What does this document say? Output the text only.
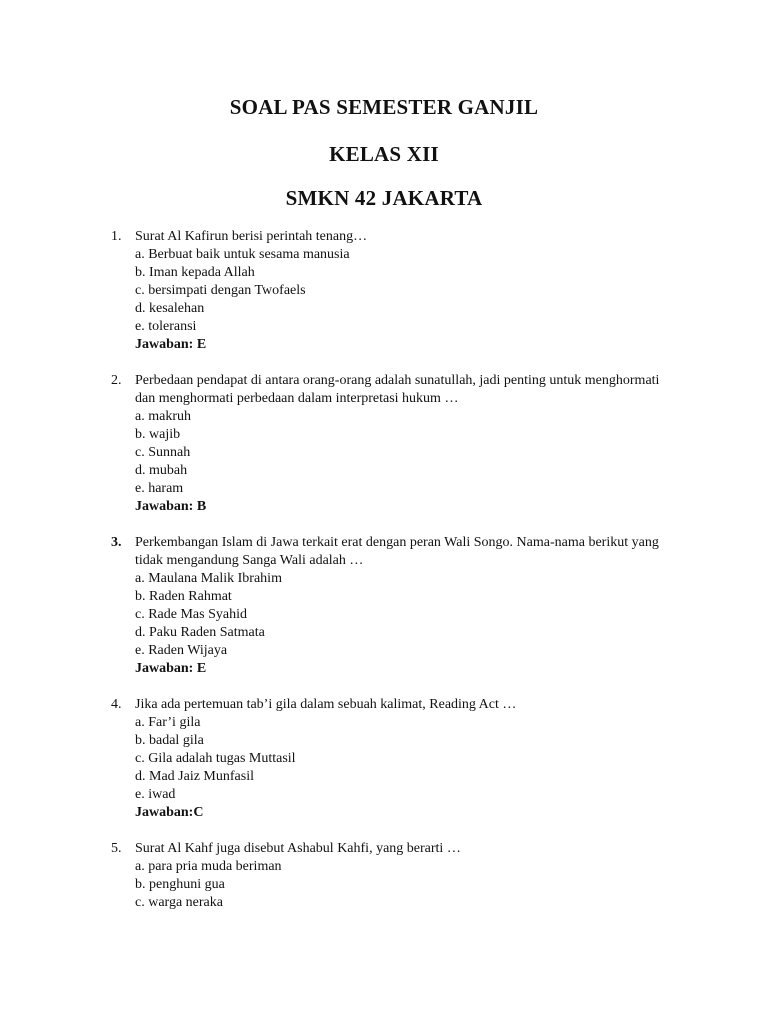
SOAL PAS SEMESTER GANJIL
KELAS XII
SMKN 42 JAKARTA
1. Surat Al Kafirun berisi perintah tenang…
a. Berbuat baik untuk sesama manusia
b. Iman kepada Allah
c. bersimpati dengan Twofaels
d. kesalehan
e. toleransi
Jawaban: E
2. Perbedaan pendapat di antara orang-orang adalah sunatullah, jadi penting untuk menghormati dan menghormati perbedaan dalam interpretasi hukum …
a. makruh
b. wajib
c. Sunnah
d. mubah
e. haram
Jawaban: B
3. Perkembangan Islam di Jawa terkait erat dengan peran Wali Songo. Nama-nama berikut yang tidak mengandung Sanga Wali adalah …
a. Maulana Malik Ibrahim
b. Raden Rahmat
c. Rade Mas Syahid
d. Paku Raden Satmata
e. Raden Wijaya
Jawaban: E
4. Jika ada pertemuan tab’i gila dalam sebuah kalimat, Reading Act …
a. Far’i gila
b. badal gila
c. Gila adalah tugas Muttasil
d. Mad Jaiz Munfasil
e. iwad
Jawaban:C
5. Surat Al Kahf juga disebut Ashabul Kahfi, yang berarti …
a. para pria muda beriman
b. penghuni gua
c. warga neraka
